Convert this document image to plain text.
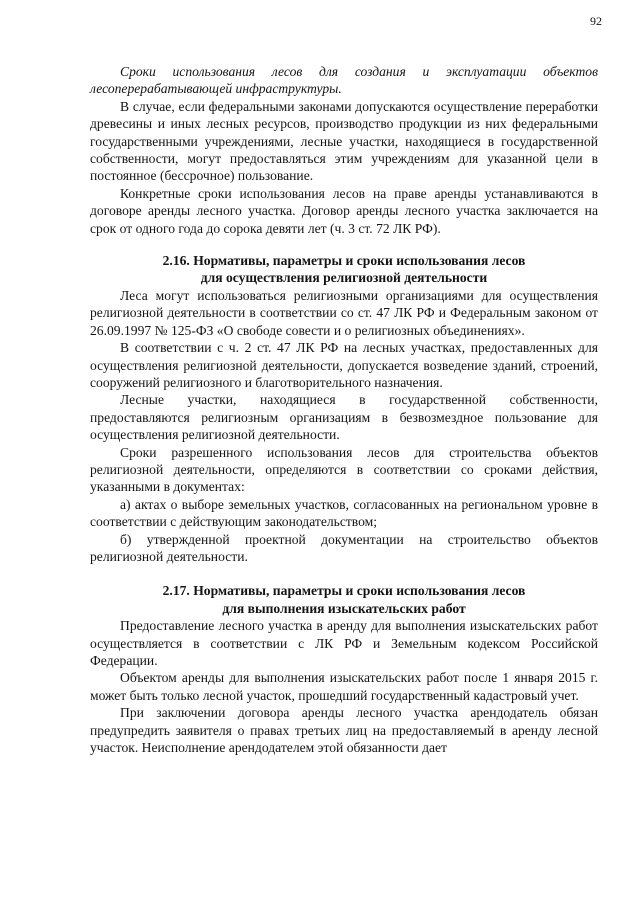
92

Сроки использования лесов для создания и эксплуатации объектов лесоперерабатывающей инфраструктуры.

В случае, если федеральными законами допускаются осуществление переработки древесины и иных лесных ресурсов, производство продукции из них федеральными государственными учреждениями, лесные участки, находящиеся в государственной собственности, могут предоставляться этим учреждениям для указанной цели в постоянное (бессрочное) пользование.

Конкретные сроки использования лесов на праве аренды устанавливаются в договоре аренды лесного участка. Договор аренды лесного участка заключается на срок от одного года до сорока девяти лет (ч. 3 ст. 72 ЛК РФ).

2.16. Нормативы, параметры и сроки использования лесов
для осуществления религиозной деятельности

Леса могут использоваться религиозными организациями для осуществления религиозной деятельности в соответствии со ст. 47 ЛК РФ и Федеральным законом от 26.09.1997 № 125-ФЗ «О свободе совести и о религиозных объединениях».

В соответствии с ч. 2 ст. 47 ЛК РФ на лесных участках, предоставленных для осуществления религиозной деятельности, допускается возведение зданий, строений, сооружений религиозного и благотворительного назначения.

Лесные участки, находящиеся в государственной собственности, предоставляются религиозным организациям в безвозмездное пользование для осуществления религиозной деятельности.

Сроки разрешенного использования лесов для строительства объектов религиозной деятельности, определяются в соответствии со сроками действия, указанными в документах:

а) актах о выборе земельных участков, согласованных на региональном уровне в соответствии с действующим законодательством;

б) утвержденной проектной документации на строительство объектов религиозной деятельности.

2.17. Нормативы, параметры и сроки использования лесов
для выполнения изыскательских работ

Предоставление лесного участка в аренду для выполнения изыскательских работ осуществляется в соответствии с ЛК РФ и Земельным кодексом Российской Федерации.

Объектом аренды для выполнения изыскательских работ после 1 января 2015 г. может быть только лесной участок, прошедший государственный кадастровый учет.

При заключении договора аренды лесного участка арендодатель обязан предупредить заявителя о правах третьих лиц на предоставляемый в аренду лесной участок. Неисполнение арендодателем этой обязанности дает
